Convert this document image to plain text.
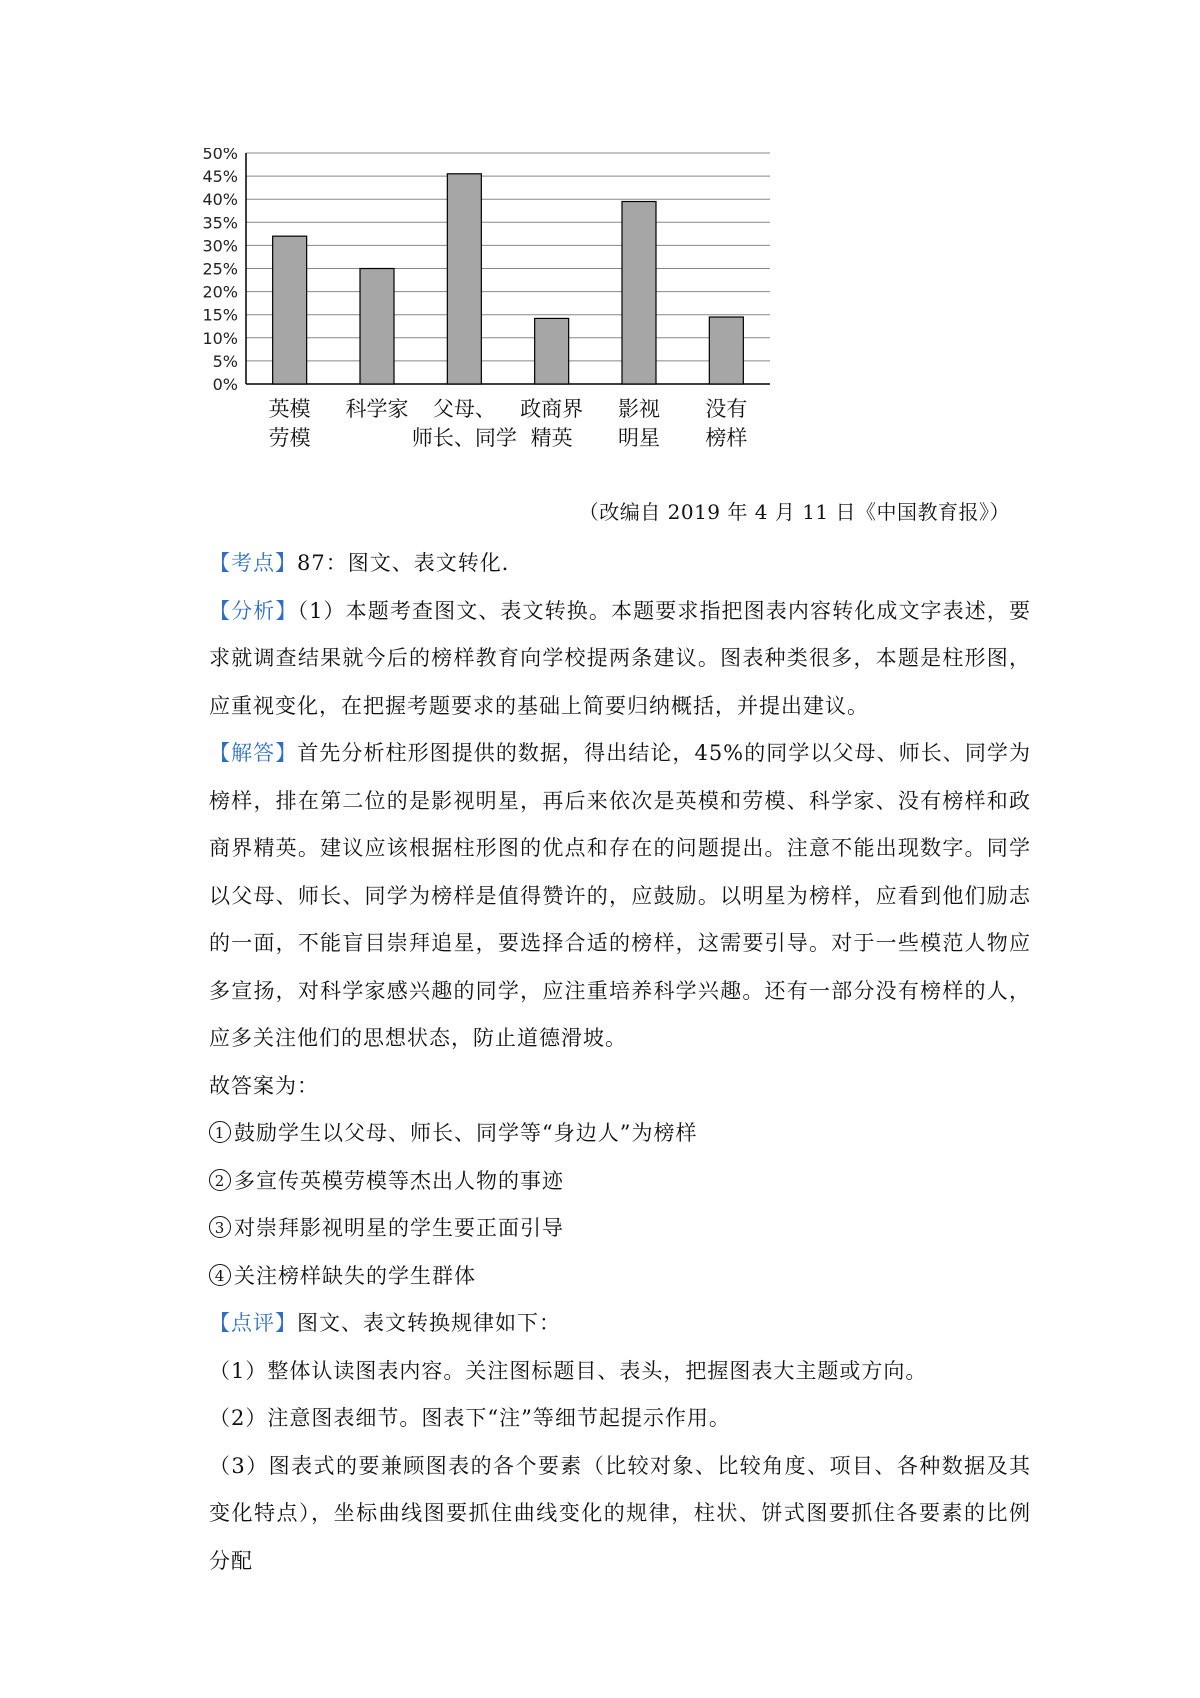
0%
5%
10%
15%
20%
25%
30%
35%
40%
45%
50%
英模
劳模
科学家 父母、
师长、同学
政商界
精英
影视
明星
没有
榜样
（改编自 2019 年 4 月 11 日《中国教育报》）

【考点】87：图文、表文转化．

【分析】（1）本题考查图文、表文转换。本题要求指把图表内容转化成文字表述，要求就调查结果就今后的榜样教育向学校提两条建议。图表种类很多，本题是柱形图，应重视变化，在把握考题要求的基础上简要归纳概括，并提出建议。

【解答】首先分析柱形图提供的数据，得出结论，45%的同学以父母、师长、同学为榜样，排在第二位的是影视明星，再后来依次是英模和劳模、科学家、没有榜样和政商界精英。建议应该根据柱形图的优点和存在的问题提出。注意不能出现数字。同学以父母、师长、同学为榜样是值得赞许的，应鼓励。以明星为榜样，应看到他们励志的一面，不能盲目崇拜追星，要选择合适的榜样，这需要引导。对于一些模范人物应多宣扬，对科学家感兴趣的同学，应注重培养科学兴趣。还有一部分没有榜样的人，应多关注他们的思想状态，防止道德滑坡。

故答案为：

1 鼓励学生以父母、师长、同学等“身边人”为榜样

2 多宣传英模劳模等杰出人物的事迹

3 对崇拜影视明星的学生要正面引导

4 关注榜样缺失的学生群体

【点评】图文、表文转换规律如下：

（1）整体认读图表内容。关注图标题目、表头，把握图表大主题或方向。

（2）注意图表细节。图表下“注”等细节起提示作用。

（3）图表式的要兼顾图表的各个要素（比较对象、比较角度、项目、各种数据及其变化特点），坐标曲线图要抓住曲线变化的规律，柱状、饼式图要抓住各要素的比例分配
